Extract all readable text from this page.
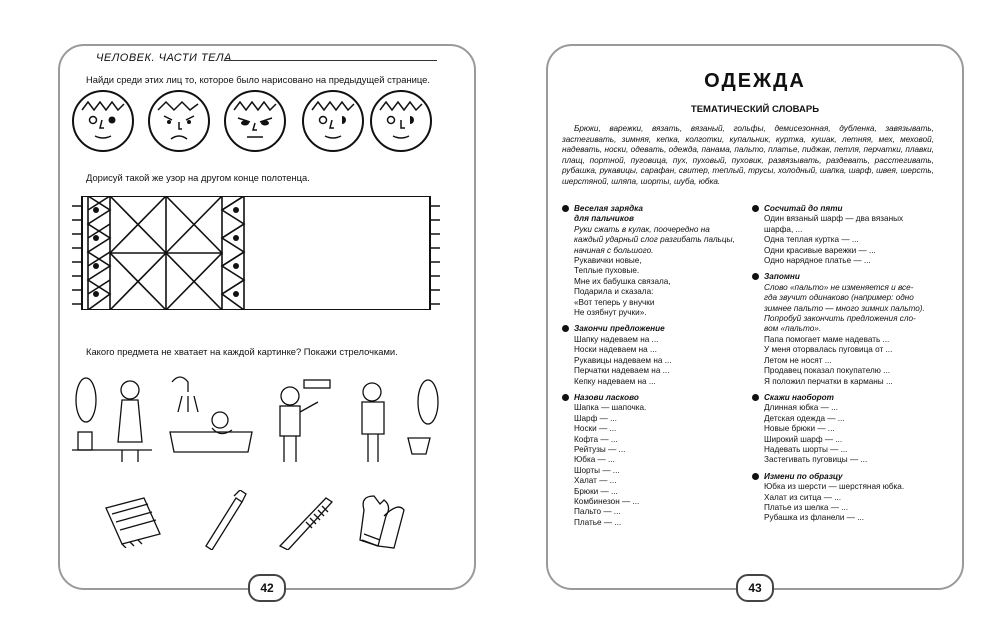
42
ЧЕЛОВЕК. ЧАСТИ ТЕЛА
Найди среди этих лиц то, которое было нарисовано на предыдущей странице.
Дорисуй такой же узор на другом конце полотенца.
Какого предмета не хватает на каждой картинке? Покажи стрелочками.
43
ОДЕЖДА
ТЕМАТИЧЕСКИЙ СЛОВАРЬ
Брюки, варежки, вязать, вязаный, гольфы, демисезонная, дубленка, завязывать, застегивать, зимняя, кепка, колготки, купальник, куртка, кушак, летняя, мех, меховой, надевать, носки, одевать, одежда, панама, пальто, платье, пиджак, петля, перчатки, плавки, плащ, портной, пуговица, пух, пуховый, пуховик, развязывать, раздевать, расстегивать, рубашка, рукавицы, сарафан, свитер, теплый, трусы, холодный, шапка, шарф, швея, шерсть, шерстяной, шляпа, шорты, шуба, юбка.
Веселая зарядка
для пальчиков
Руки сжать в кулак, поочередно на
каждый ударный слог разгибать пальцы, начиная с большого.
Рукавички новые,
Теплые пуховые.
Мне их бабушка связала,
Подарила и сказала:
«Вот теперь у внучки
Не озябнут ручки».
Закончи предложение
Шапку надеваем на ...
Носки надеваем на ...
Рукавицы надеваем на ...
Перчатки надеваем на ...
Кепку надеваем на ...
Назови ласково
Шапка — шапочка.
Шарф — ...
Носки — ...
Кофта — ...
Рейтузы — ...
Юбка — ...
Шорты — ...
Халат — ...
Брюки — ...
Комбинезон — ...
Пальто — ...
Платье — ...
Сосчитай до пяти
Один вязаный шарф — два вязаных
шарфа, ...
Одна теплая куртка — ...
Одни красивые варежки — ...
Одно нарядное платье — ...
Запомни
Слово «пальто» не изменяется и все-
гда звучит одинаково (например: одно
зимнее пальто — много зимних пальто).
Попробуй закончить предложения сло-
вом «пальто».
Папа помогает маме надевать ...
У меня оторвалась пуговица от ...
Летом не носят ...
Продавец показал покупателю ...
Я положил перчатки в карманы ...
Скажи наоборот
Длинная юбка — ...
Детская одежда — ...
Новые брюки — ...
Широкий шарф — ...
Надевать шорты — ...
Застегивать пуговицы — ...
Измени по образцу
Юбка из шерсти — шерстяная юбка.
Халат из ситца — ...
Платье из шелка — ...
Рубашка из фланели — ...
